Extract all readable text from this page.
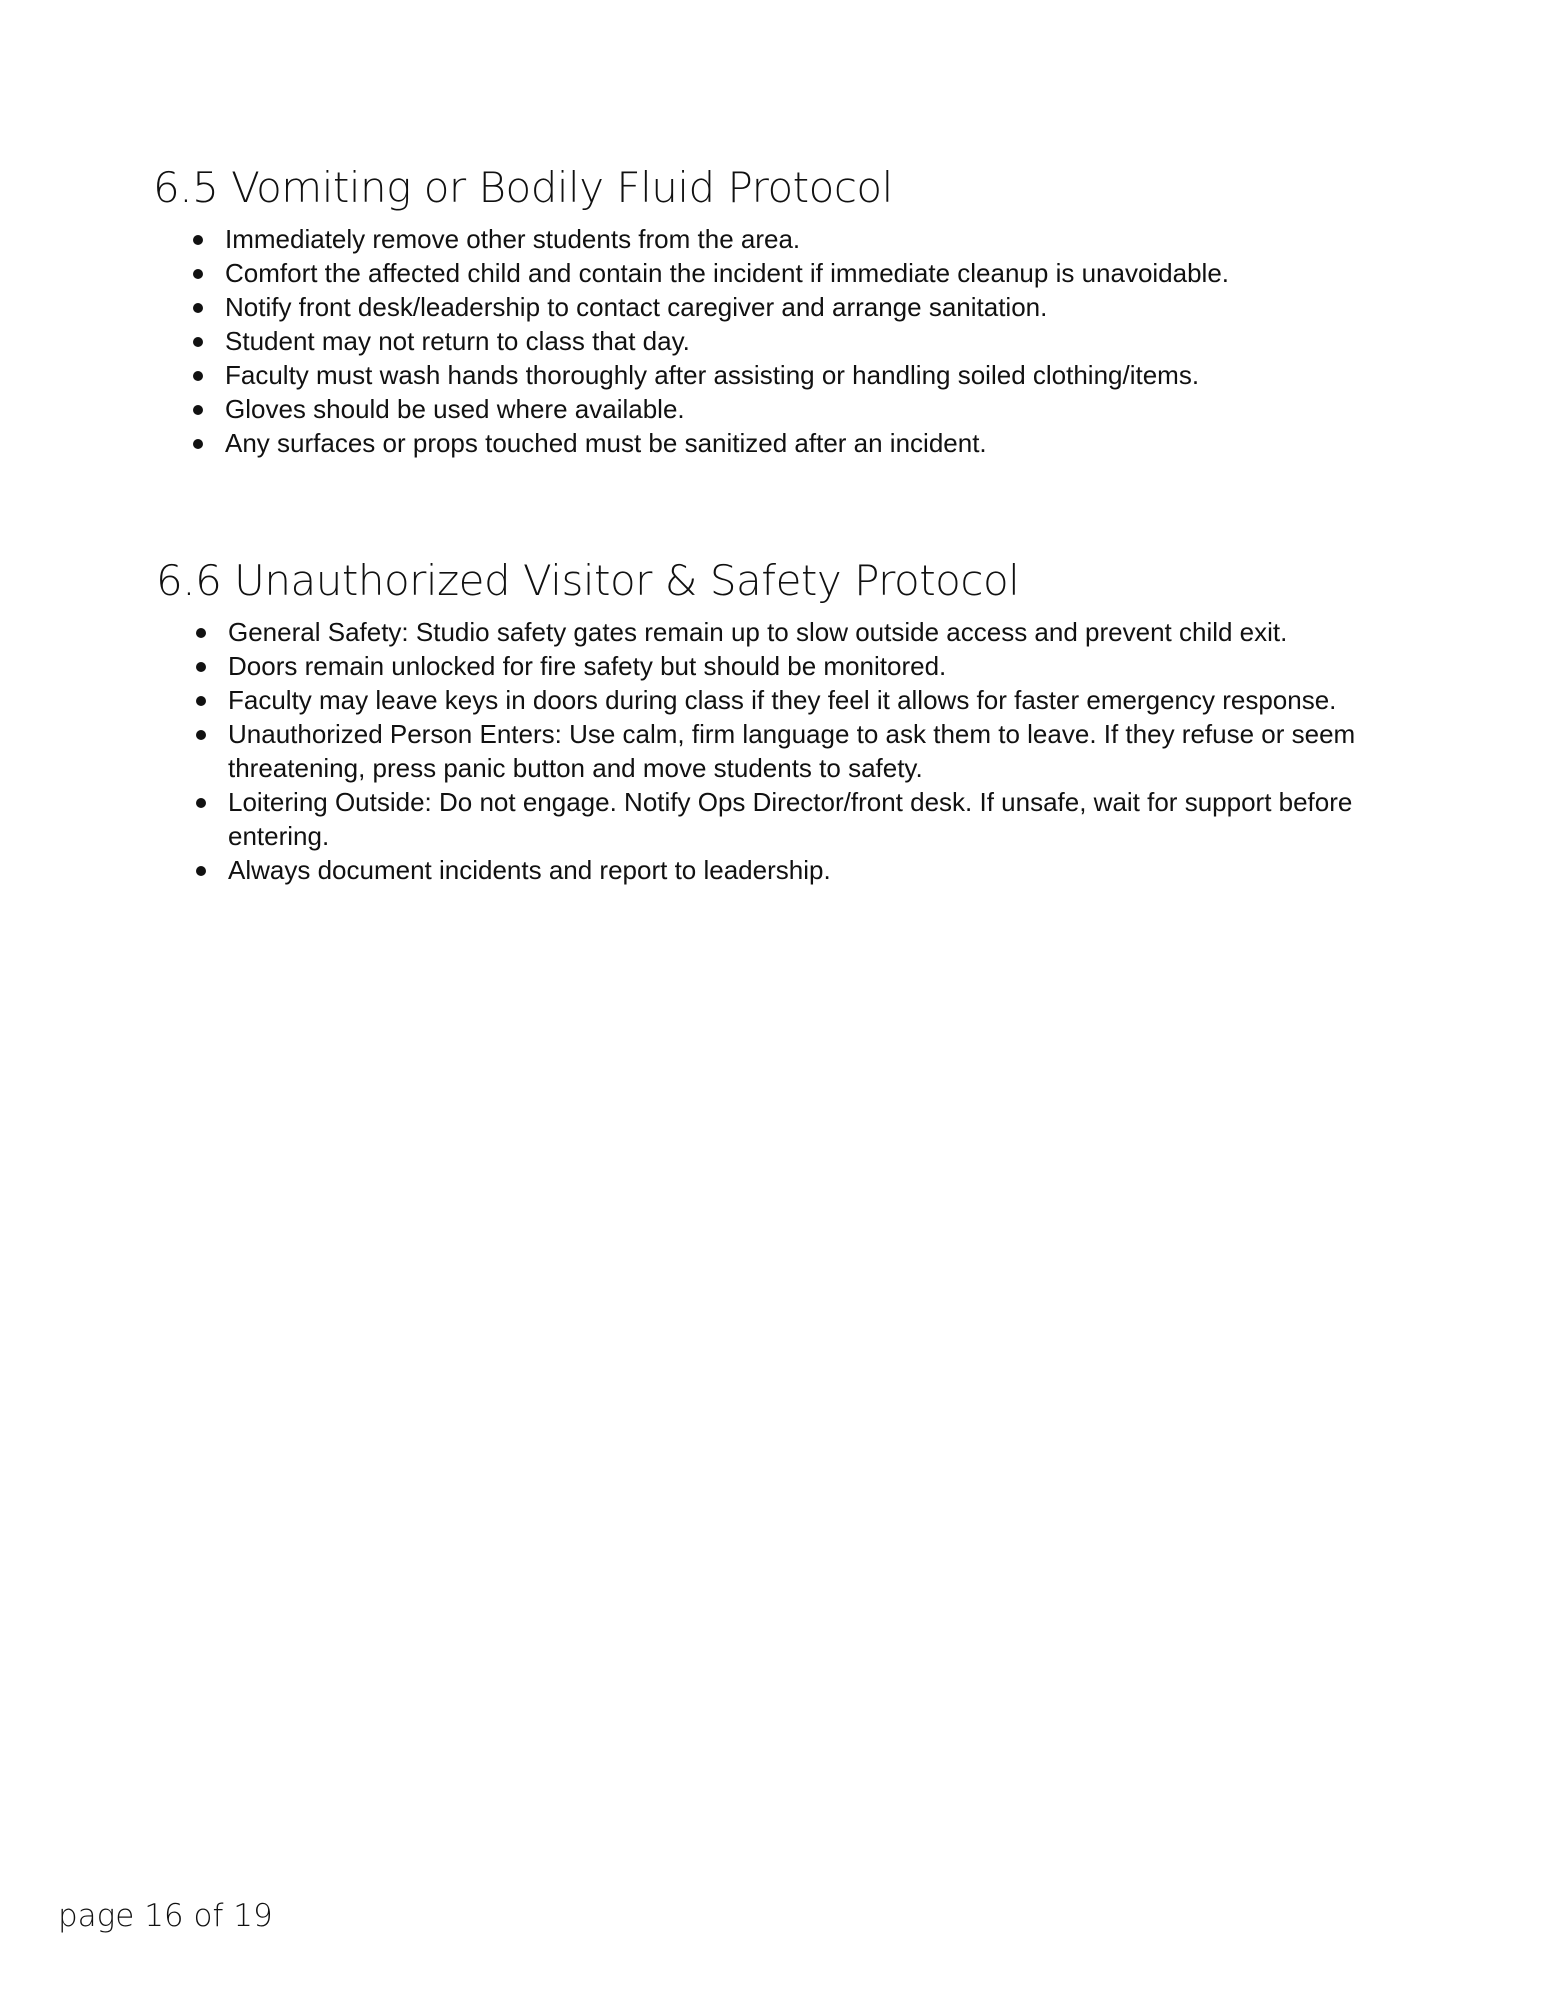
6.5 Vomiting or Bodily Fluid Protocol
Immediately remove other students from the area.
Comfort the affected child and contain the incident if immediate cleanup is unavoidable.
Notify front desk/leadership to contact caregiver and arrange sanitation.
Student may not return to class that day.
Faculty must wash hands thoroughly after assisting or handling soiled clothing/items.
Gloves should be used where available.
Any surfaces or props touched must be sanitized after an incident.
6.6 Unauthorized Visitor & Safety Protocol
General Safety: Studio safety gates remain up to slow outside access and prevent child exit.
Doors remain unlocked for fire safety but should be monitored.
Faculty may leave keys in doors during class if they feel it allows for faster emergency response.
Unauthorized Person Enters: Use calm, firm language to ask them to leave. If they refuse or seem threatening, press panic button and move students to safety.
Loitering Outside: Do not engage. Notify Ops Director/front desk. If unsafe, wait for support before entering.
Always document incidents and report to leadership.
page 16 of 19
